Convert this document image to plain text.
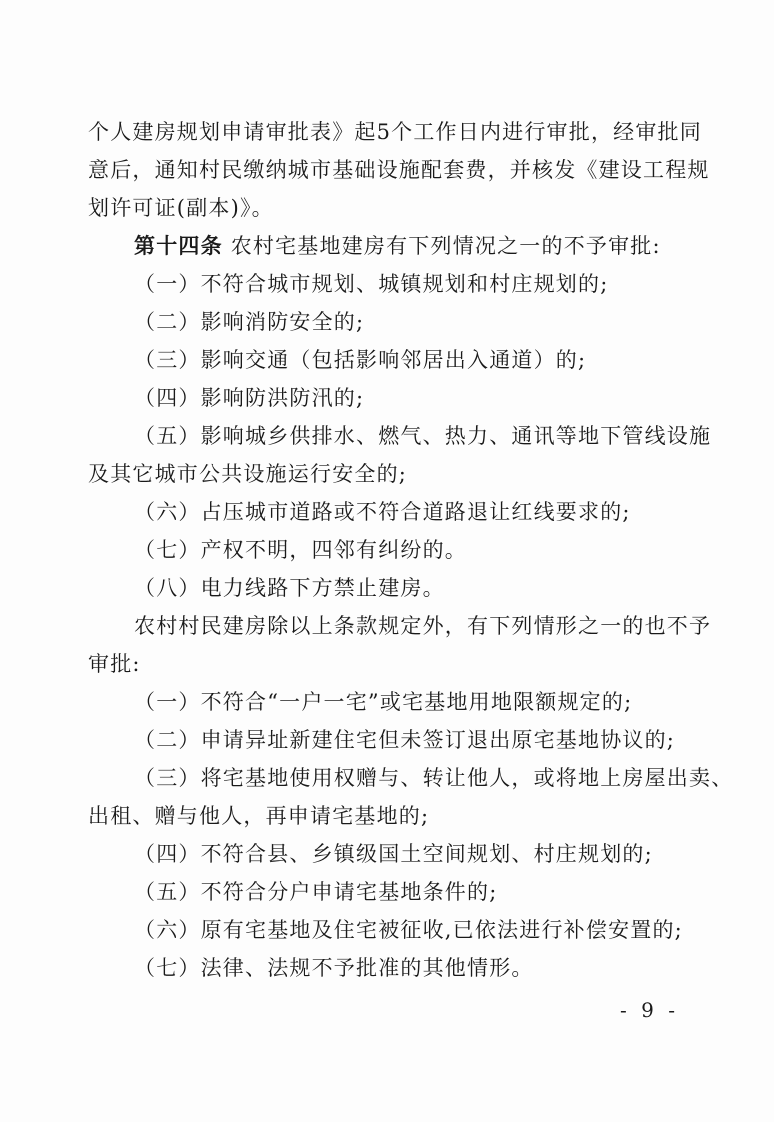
个人建房规划申请审批表》起5个工作日内进行审批，经审批同
意后，通知村民缴纳城市基础设施配套费，并核发《建设工程规
划许可证(副本)》。
第十四条 农村宅基地建房有下列情况之一的不予审批:
（一）不符合城市规划、城镇规划和村庄规划的;
（二）影响消防安全的;
（三）影响交通（包括影响邻居出入通道）的;
（四）影响防洪防汛的;
（五）影响城乡供排水、燃气、热力、通讯等地下管线设施
及其它城市公共设施运行安全的;
（六）占压城市道路或不符合道路退让红线要求的;
（七）产权不明，四邻有纠纷的。
（八）电力线路下方禁止建房。
农村村民建房除以上条款规定外，有下列情形之一的也不予
审批:
（一）不符合“一户一宅”或宅基地用地限额规定的;
（二）申请异址新建住宅但未签订退出原宅基地协议的;
（三）将宅基地使用权赠与、转让他人，或将地上房屋出卖、
出租、赠与他人，再申请宅基地的;
（四）不符合县、乡镇级国土空间规划、村庄规划的;
（五）不符合分户申请宅基地条件的;
（六）原有宅基地及住宅被征收,已依法进行补偿安置的;
（七）法律、法规不予批准的其他情形。
- 9 -
